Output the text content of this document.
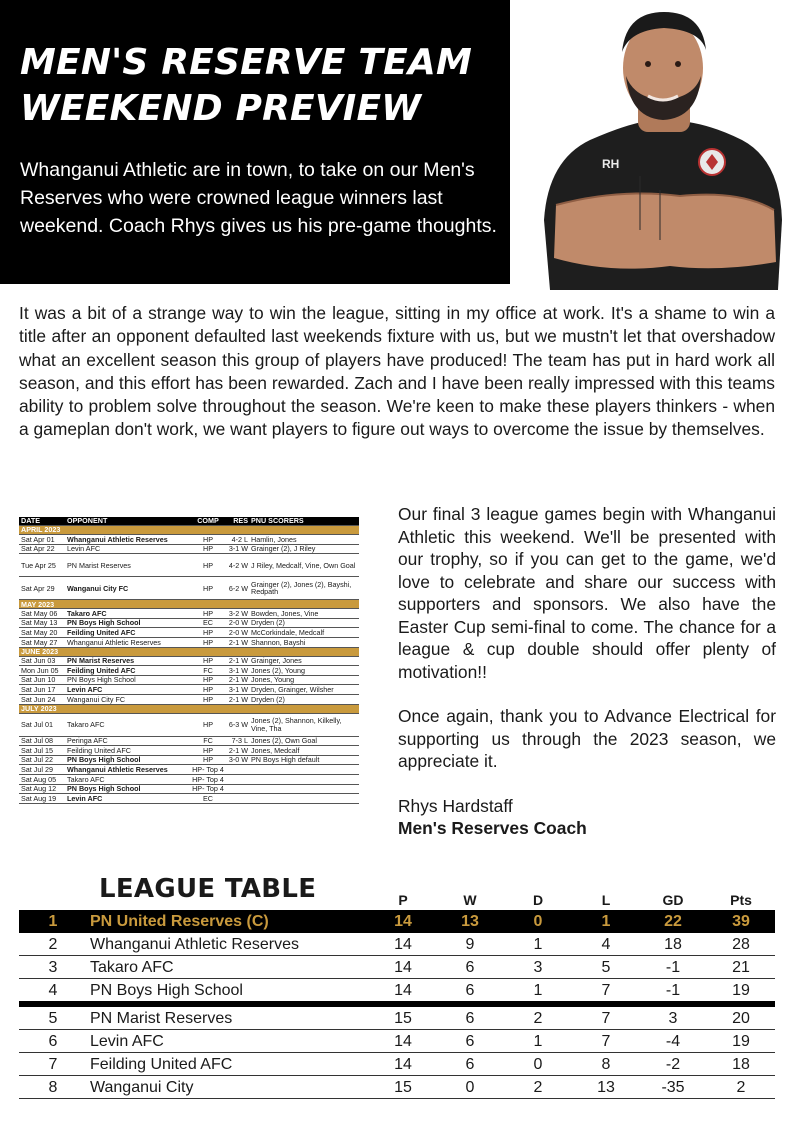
MEN'S RESERVE TEAM
WEEKEND PREVIEW
Whanganui Athletic are in town, to take on our Men's Reserves who were crowned league winners last weekend. Coach Rhys gives us his pre-game thoughts.
RH

It was a bit of a strange way to win the league, sitting in my office at work. It's a shame to win a title after an opponent defaulted last weekends fixture with us, but we mustn't let that overshadow what an excellent season this group of players have produced! The team has put in hard work all season, and this effort has been rewarded. Zach and I have been really impressed with this teams ability to problem solve throughout the season. We're keen to make these players thinkers - when a gameplan don't work, we want players to figure out ways to overcome the issue by themselves.

DATE	OPPONENT	COMP	RES PNU SCORERS
APRIL 2023
Sat Apr 01	Whanganui Athletic Reserves	HP	4-2 L Hamlin, Jones
Sat Apr 22	Levin AFC	HP	3-1 W Grainger (2), J Riley
Tue Apr 25	PN Marist Reserves	HP	4-2 W J Riley, Medcalf, Vine, Own Goal
Sat Apr 29	Wanganui City FC	HP	6-2 W Grainger (2), Jones (2), Bayshi, Redpath
MAY 2023
Sat May 06	Takaro AFC	HP	3-2 W Bowden, Jones, Vine
Sat May 13	PN Boys High School	EC	2-0 W Dryden (2)
Sat May 20	Feilding United AFC	HP	2-0 W McCorkindale, Medcalf
Sat May 27	Whanganui Athletic Reserves	HP	2-1 W Shannon, Bayshi
JUNE 2023
Sat Jun 03	PN Marist Reserves	HP	2-1 W Grainger, Jones
Mon Jun 05	Feilding United AFC	FC	3-1 W Jones (2), Young
Sat Jun 10	PN Boys High School	HP	2-1 W Jones, Young
Sat Jun 17	Levin AFC	HP	3-1 W Dryden, Grainger, Wilsher
Sat Jun 24	Wanganui City FC	HP	2-1 W Dryden (2)
JULY 2023
Sat Jul 01	Takaro AFC	HP	6-3 W Jones (2), Shannon, Kilkelly, Vine, Tha
Sat Jul 08	Peringa AFC	FC	7-3 L Jones (2), Own Goal
Sat Jul 15	Feilding United AFC	HP	2-1 W Jones, Medcalf
Sat Jul 22	PN Boys High School	HP	3-0 W PN Boys High default
Sat Jul 29	Whanganui Athletic Reserves	HP- Top 4
Sat Aug 05	Takaro AFC	HP- Top 4
Sat Aug 12	PN Boys High School	HP- Top 4
Sat Aug 19	Levin AFC	EC

Our final 3 league games begin with Whanganui Athletic this weekend. We'll be presented with our trophy, so if you can get to the game, we'd love to celebrate and share our success with supporters and sponsors. We also have the Easter Cup semi-final to come. The chance for a league & cup double should offer plenty of motivation!!

Once again, thank you to Advance Electrical for supporting us through the 2023 season, we appreciate it.

Rhys Hardstaff

Men's Reserves Coach

LEAGUE TABLE	P	W	D	L	GD	Pts
1 PN United Reserves (C)	14	13	0	1	22	39
2 Whanganui Athletic Reserves	14	9	1	4	18	28
3 Takaro AFC	14	6	3	5	-1	21
4 PN Boys High School	14	6	1	7	-1	19
5 PN Marist Reserves	15	6	2	7	3	20
6 Levin AFC	14	6	1	7	-4	19
7 Feilding United AFC	14	6	0	8	-2	18
8 Wanganui City	15	0	2	13	-35	2
